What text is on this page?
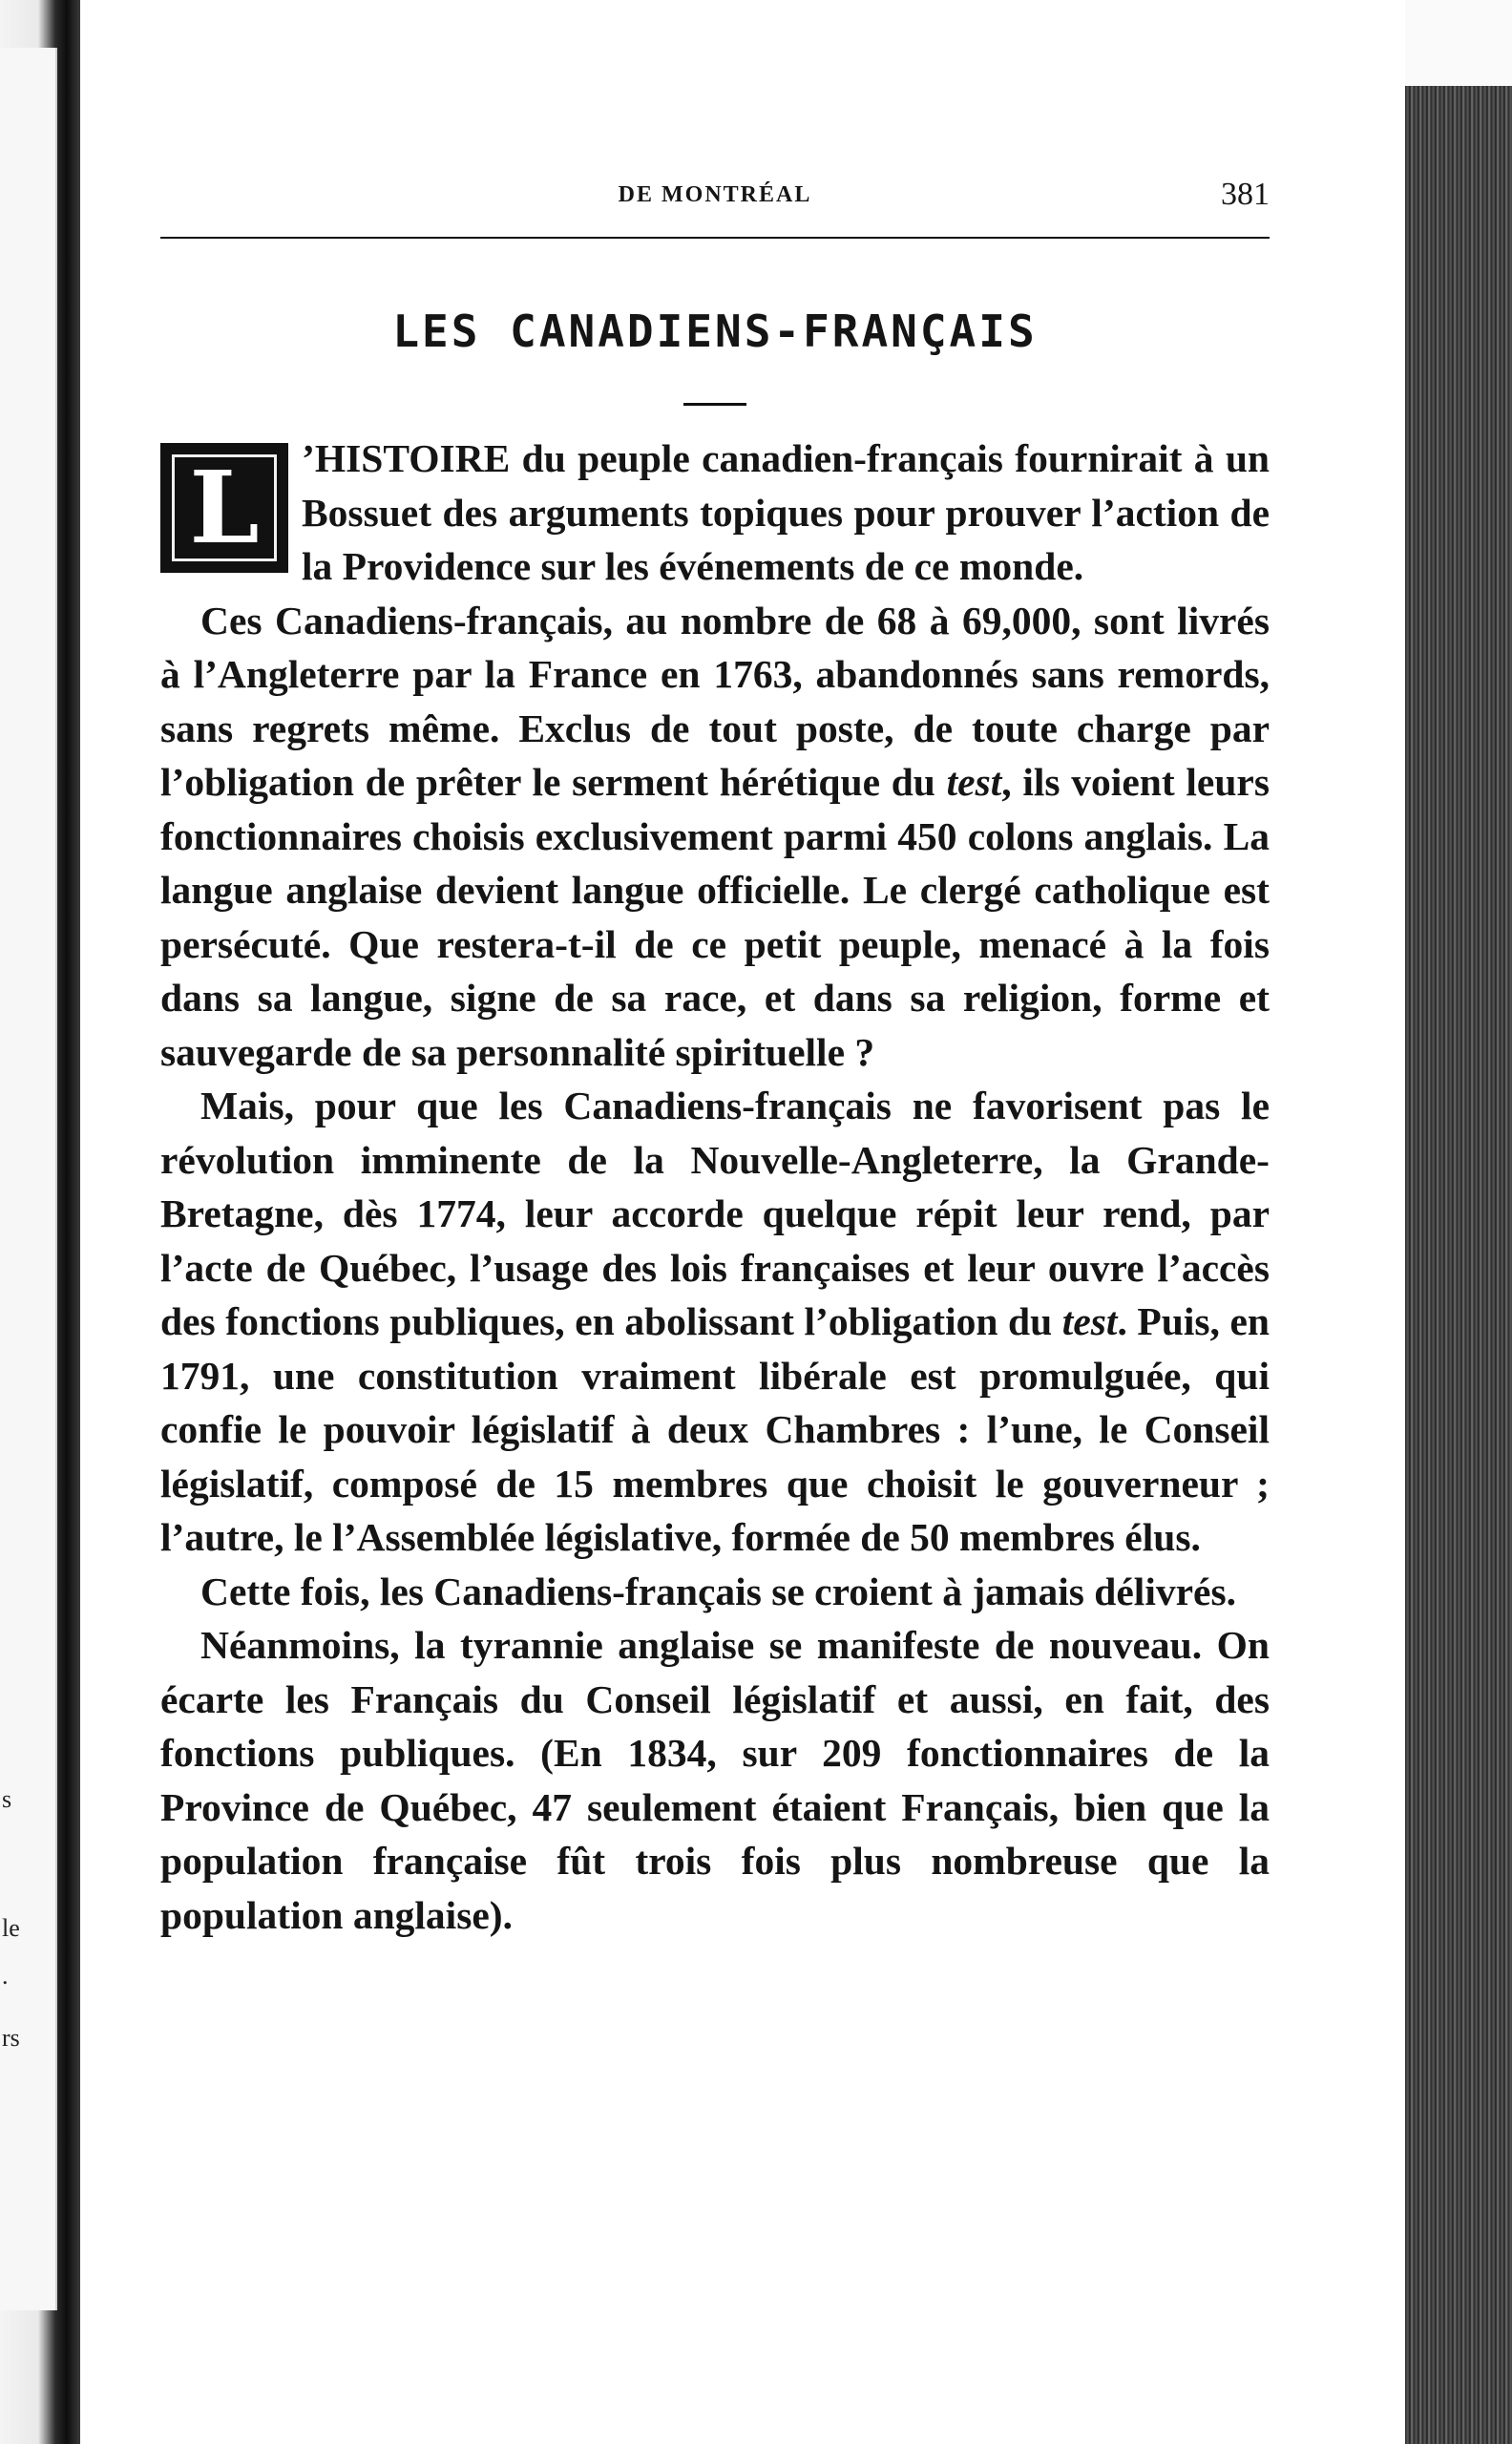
s
le
.
rs
DE MONTRÉAL	381
LES CANADIENS-FRANÇAIS

L	’HISTOIRE du peuple canadien-français fournirait à un Bossuet des arguments topiques pour prouver l’action de la Providence sur les événements de ce monde.

Ces Canadiens-français, au nombre de 68 à 69,000, sont livrés à l’Angleterre par la France en 1763, abandonnés sans remords, sans regrets même. Exclus de tout poste, de toute charge par l’obligation de prêter le serment hérétique du test, ils voient leurs fonctionnaires choisis exclusivement parmi 450 colons anglais. La langue anglaise devient langue officielle. Le clergé catholique est persécuté. Que restera-t-il de ce petit peuple, menacé à la fois dans sa langue, signe de sa race, et dans sa religion, forme et sauvegarde de sa personnalité spirituelle ?

Mais, pour que les Canadiens-français ne favorisent pas le révolution imminente de la Nouvelle-Angleterre, la Grande-Bretagne, dès 1774, leur accorde quelque répit leur rend, par l’acte de Québec, l’usage des lois françaises et leur ouvre l’accès des fonctions publiques, en abolissant l’obligation du test. Puis, en 1791, une constitution vraiment libérale est promulguée, qui confie le pouvoir législatif à deux Chambres : l’une, le Conseil législatif, composé de 15 membres que choisit le gouverneur ; l’autre, le l’Assemblée législative, formée de 50 membres élus.

Cette fois, les Canadiens-français se croient à jamais délivrés.

Néanmoins, la tyrannie anglaise se manifeste de nouveau. On écarte les Français du Conseil législatif et aussi, en fait, des fonctions publiques. (En 1834, sur 209 fonctionnaires de la Province de Québec, 47 seulement étaient Français, bien que la population française fût trois fois plus nombreuse que la population anglaise).
